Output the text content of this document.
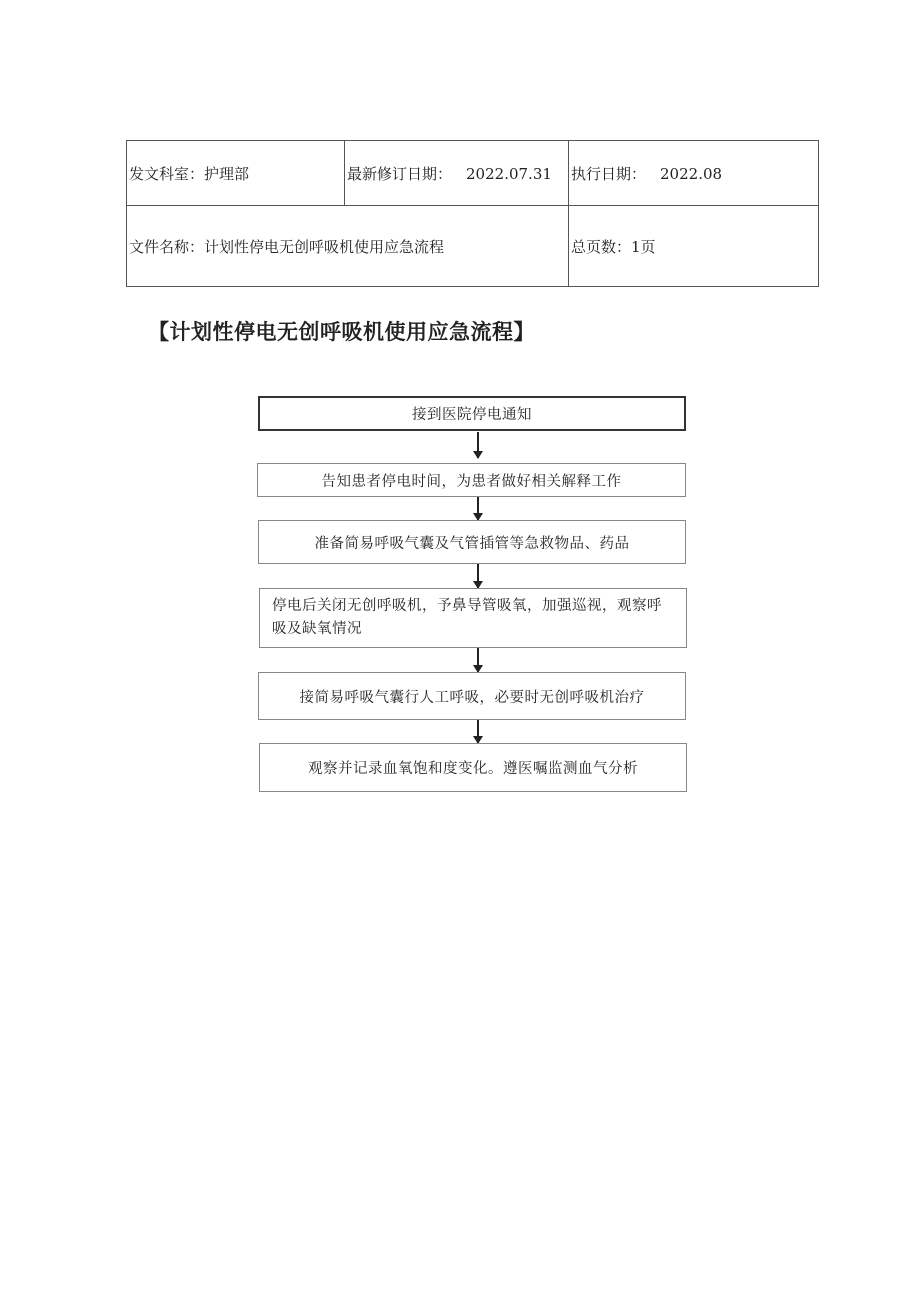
发文科室：护理部	最新修订日期： 2022.07.31	执行日期： 2022.08
文件名称：计划性停电无创呼吸机使用应急流程		总页数：1页
【计划性停电无创呼吸机使用应急流程】
接到医院停电通知
告知患者停电时间，为患者做好相关解释工作
准备简易呼吸气囊及气管插管等急救物品、药品
停电后关闭无创呼吸机，予鼻导管吸氧，加强巡视，观察呼吸及缺氧情况
接简易呼吸气囊行人工呼吸，必要时无创呼吸机治疗
观察并记录血氧饱和度变化。遵医嘱监测血气分析
